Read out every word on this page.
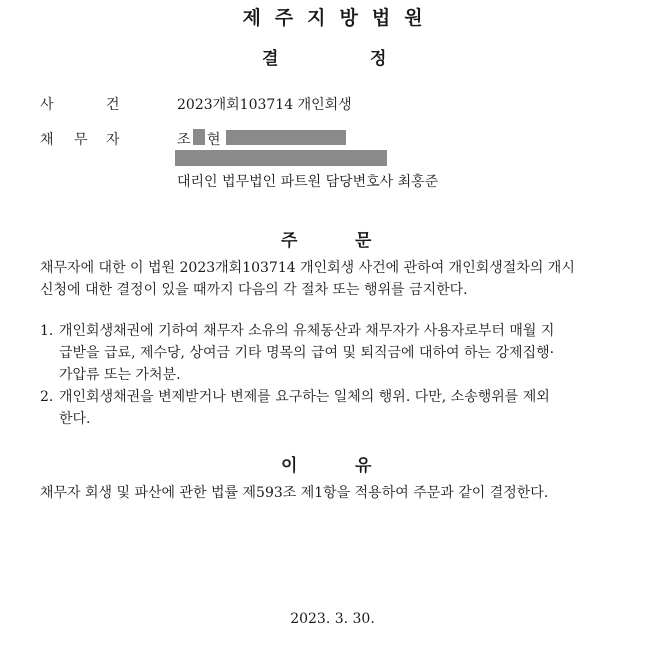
제주지방법원
결	정
사	건	2023개회103714 개인회생
채 무 자	조 현
대리인 법무법인 파트원 담당변호사 최홍준
주	문
채무자에 대한 이 법원 2023개회103714 개인회생 사건에 관하여 개인회생절차의 개시
신청에 대한 결정이 있을 때까지 다음의 각 절차 또는 행위를 금지한다.
1. 개인회생채권에 기하여 채무자 소유의 유체동산과 채무자가 사용자로부터 매월 지
급받을 급료, 제수당, 상여금 기타 명목의 급여 및 퇴직금에 대하여 하는 강제집행·
가압류 또는 가처분.
2. 개인회생채권을 변제받거나 변제를 요구하는 일체의 행위. 다만, 소송행위를 제외
한다.
이	유
채무자 회생 및 파산에 관한 법률 제593조 제1항을 적용하여 주문과 같이 결정한다.
2023. 3. 30.
